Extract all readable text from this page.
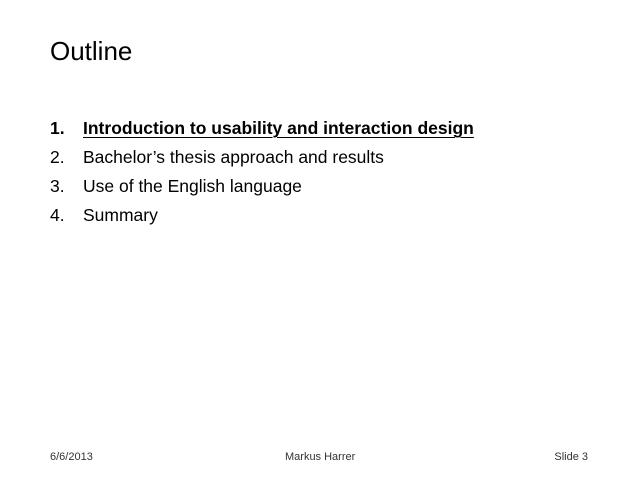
Outline
1.	Introduction to usability and interaction design
2.	Bachelor’s thesis approach and results
3.	Use of the English language
4.	Summary
6/6/2013	Markus Harrer	Slide 3
